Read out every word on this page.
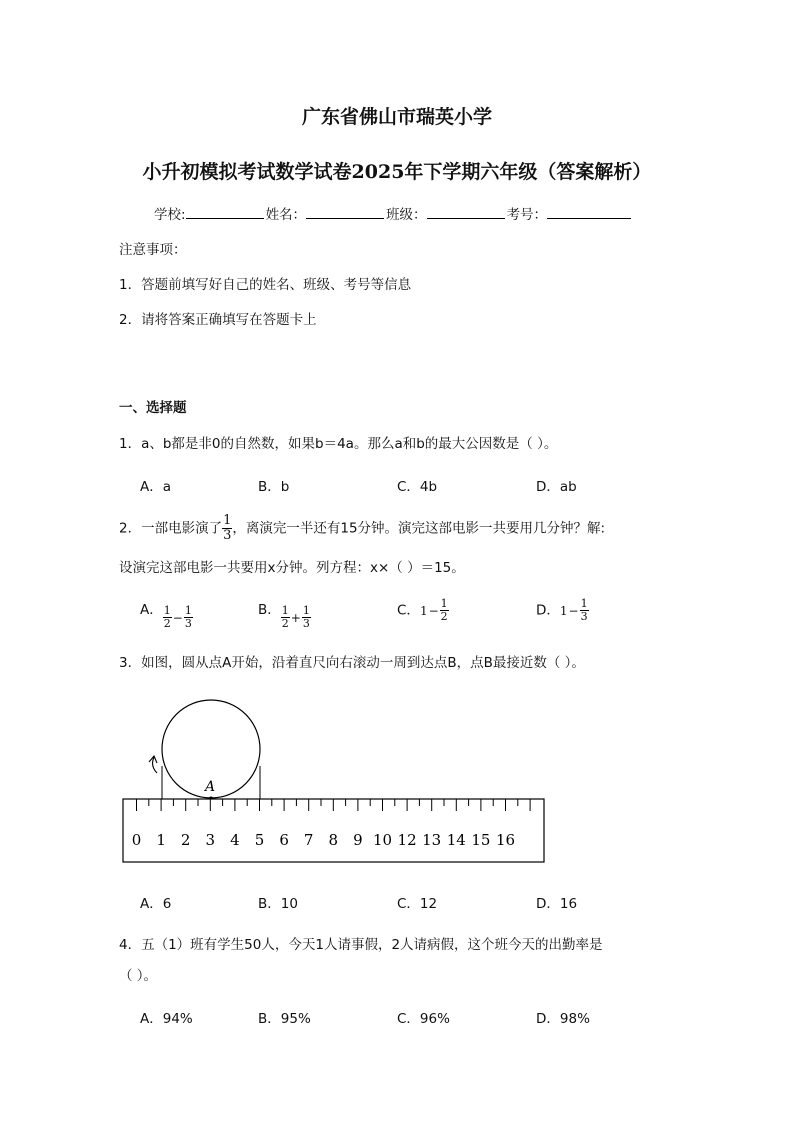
广东省佛山市瑞英小学
小升初模拟考试数学试卷2025年下学期六年级（答案解析）
学校:	姓名：	班级：	考号：
注意事项：
1．答题前填写好自己的姓名、班级、考号等信息
2．请将答案正确填写在答题卡上
一、选择题
1．a、b都是非0的自然数，如果b＝4a。那么a和b的最大公因数是（ ）。
A．a	B．b	C．4b	D．ab
2．一部电影演了 $\frac{1}{3}$ ，离演完一半还有15分钟。演完这部电影一共要用几分钟？解:
设演完这部电影一共要用x分钟。列方程：x×（ ）＝15。
A． $\frac{1}{2} - \frac{1}{3}$	B． $\frac{1}{2} + \frac{1}{3}$	C． $1 - \frac{1}{2}$	D． $1 - \frac{1}{3}$
3．如图，圆从点A开始，沿着直尺向右滚动一周到达点B，点B最接近数（ ）。
A
0 1 2 3 4 5 6 7 8 9 10 12 13 14 15 16
A．6	B．10	C．12	D．16
4．五（1）班有学生50人，今天1人请事假，2人请病假，这个班今天的出勤率是
（ ）。
A．94%	B．95%	C．96%	D．98%
